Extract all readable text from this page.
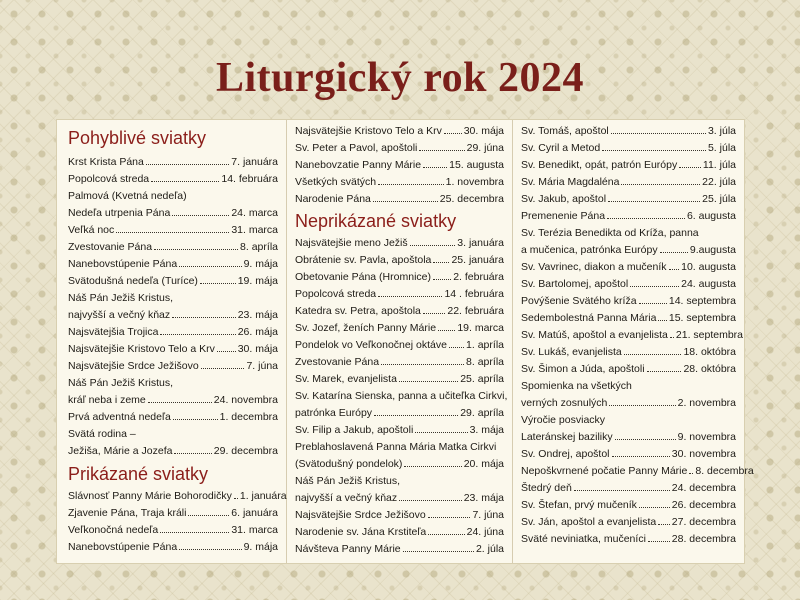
Liturgický rok 2024
Pohyblivé sviatky
Krst Krista Pána	7. januára
Popolcová streda	14. februára
Palmová (Kvetná nedeľa)
Nedeľa utrpenia Pána	24. marca
Veľká noc	31. marca
Zvestovanie Pána	8. apríla
Nanebovstúpenie Pána	9. mája
Svätodušná nedeľa (Turíce)	19. mája
Náš Pán Ježiš Kristus,
najvyšší a večný kňaz	23. mája
Najsvätejšia Trojica	26. mája
Najsvätejšie Kristovo Telo a Krv 30. mája
Najsvätejšie Srdce Ježišovo	7. júna
Náš Pán Ježiš Kristus,
kráľ neba i zeme	24. novembra
Prvá adventná nedeľa	1. decembra
Svätá rodina –
Ježiša, Márie a Jozefa	29. decembra
Prikázané sviatky
Slávnosť Panny Márie Bohorodičky 1. januára
Zjavenie Pána, Traja králi	6. januára
Veľkonočná nedeľa	31. marca
Nanebovstúpenie Pána	9. mája
Najsvätejšie Kristovo Telo a Krv 30. mája
Sv. Peter a Pavol, apoštoli	29. júna
Nanebovzatie Panny Márie	15. augusta
Všetkých svätých	1. novembra
Narodenie Pána	25. decembra
Neprikázané sviatky
Najsvätejšie meno Ježiš	3. januára
Obrátenie sv. Pavla, apoštola 25. januára
Obetovanie Pána (Hromnice) 2. februára
Popolcová streda	14 . februára
Katedra sv. Petra, apoštola	22. februára
Sv. Jozef, ženích Panny Márie 19. marca
Pondelok vo Veľkonočnej oktáve 1. apríla
Zvestovanie Pána	8. apríla
Sv. Marek, evanjelista	25. apríla
Sv. Katarína Sienska, panna a učiteľka Cirkvi,
patrónka Európy	29. apríla
Sv. Filip a Jakub, apoštoli	3. mája
Preblahoslavená Panna Mária Matka Cirkvi
(Svätodušný pondelok)	20. mája
Náš Pán Ježiš Kristus,
najvyšší a večný kňaz	23. mája
Najsvätejšie Srdce Ježišovo	7. júna
Narodenie sv. Jána Krstiteľa	24. júna
Návšteva Panny Márie	2. júla
Sv. Tomáš, apoštol	3. júla
Sv. Cyril a Metod	5. júla
Sv. Benedikt, opát, patrón Európy 11. júla
Sv. Mária Magdaléna	22. júla
Sv. Jakub, apoštol	25. júla
Premenenie Pána	6. augusta
Sv. Terézia Benedikta od Kríža, panna
a mučenica, patrónka Európy	9.augusta
Sv. Vavrinec, diakon a mučeník 10. augusta
Sv. Bartolomej, apoštol	24. augusta
Povýšenie Svätého kríža	14. septembra
Sedembolestná Panna Mária 15. septembra
Sv. Matúš, apoštol a evanjelista 21. septembra
Sv. Lukáš, evanjelista	18. októbra
Sv. Šimon a Júda, apoštoli	28. októbra
Spomienka na všetkých
verných zosnulých	2. novembra
Výročie posviacky
Lateránskej baziliky	9. novembra
Sv. Ondrej, apoštol	30. novembra
Nepoškvrnené počatie Panny Márie 8. decembra
Štedrý deň	24. decembra
Sv. Štefan, prvý mučeník	26. decembra
Sv. Ján, apoštol a evanjelista 27. decembra
Sväté neviniatka, mučeníci 28. decembra
